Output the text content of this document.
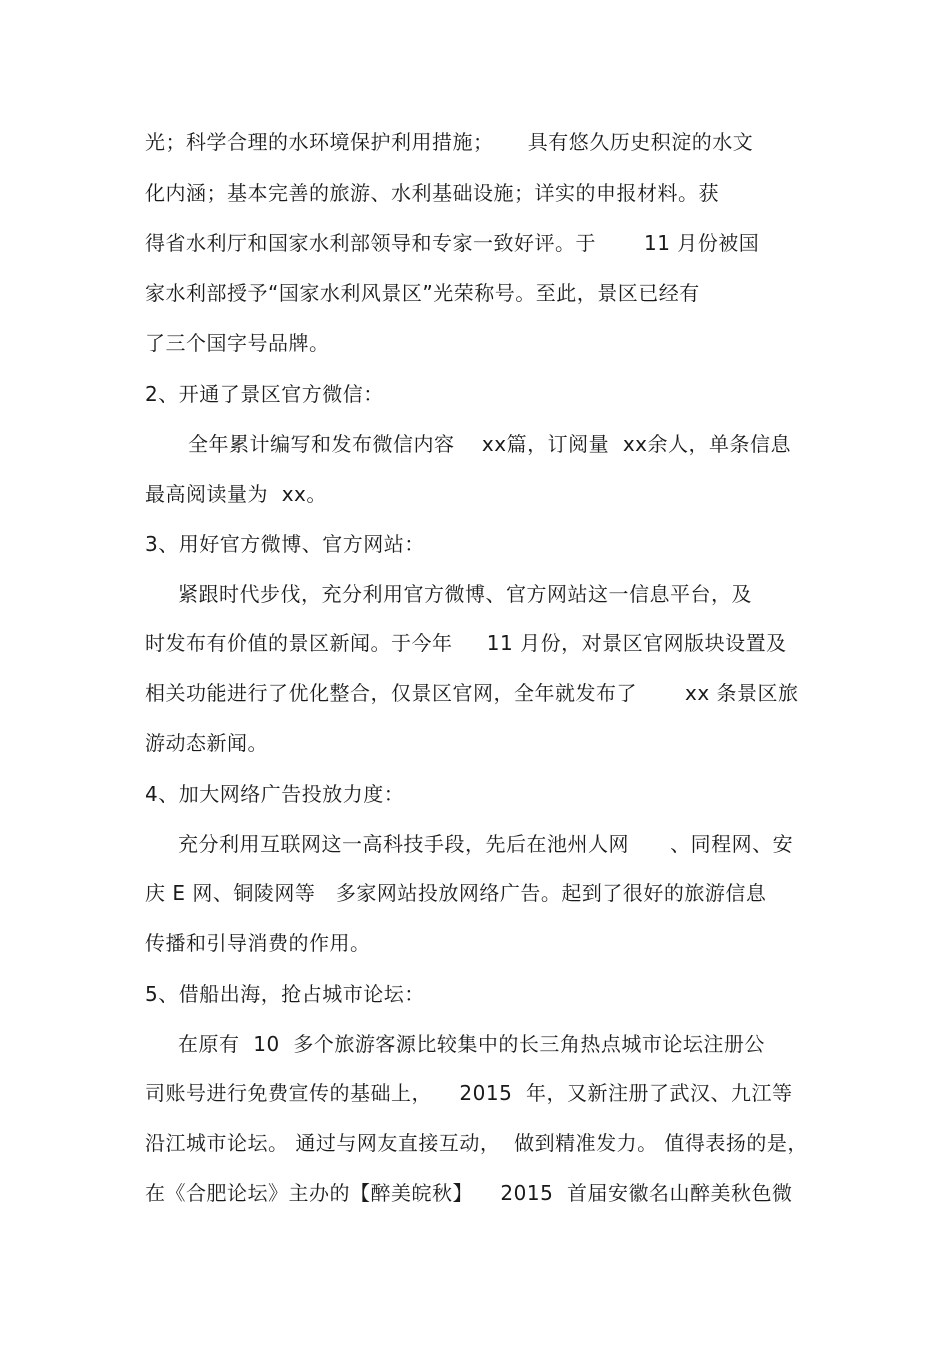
光；科学合理的水环境保护利用措施；     具有悠久历史积淀的水文
化内涵；基本完善的旅游、水利基础设施；详实的申报材料。获
得省水利厅和国家水利部领导和专家一致好评。于       11 月份被国
家水利部授予“国家水利风景区”光荣称号。至此，景区已经有
了三个国字号品牌。
2、开通了景区官方微信：
全年累计编写和发布微信内容    xx篇，订阅量  xx余人，单条信息
最高阅读量为  xx。
3、用好官方微博、官方网站：
紧跟时代步伐，充分利用官方微博、官方网站这一信息平台，及
时发布有价值的景区新闻。于今年     11 月份，对景区官网版块设置及
相关功能进行了优化整合，仅景区官网，全年就发布了       xx 条景区旅
游动态新闻。
4、加大网络广告投放力度：
充分利用互联网这一高科技手段，先后在池州人网      、同程网、安
庆 E 网、铜陵网等   多家网站投放网络广告。起到了很好的旅游信息
传播和引导消费的作用。
5、借船出海，抢占城市论坛：
在原有  10  多个旅游客源比较集中的长三角热点城市论坛注册公
司账号进行免费宣传的基础上，    2015  年，又新注册了武汉、九江等
沿江城市论坛。 通过与网友直接互动，  做到精准发力。 值得表扬的是，
在《合肥论坛》主办的【醉美皖秋】    2015  首届安徽名山醉美秋色微
